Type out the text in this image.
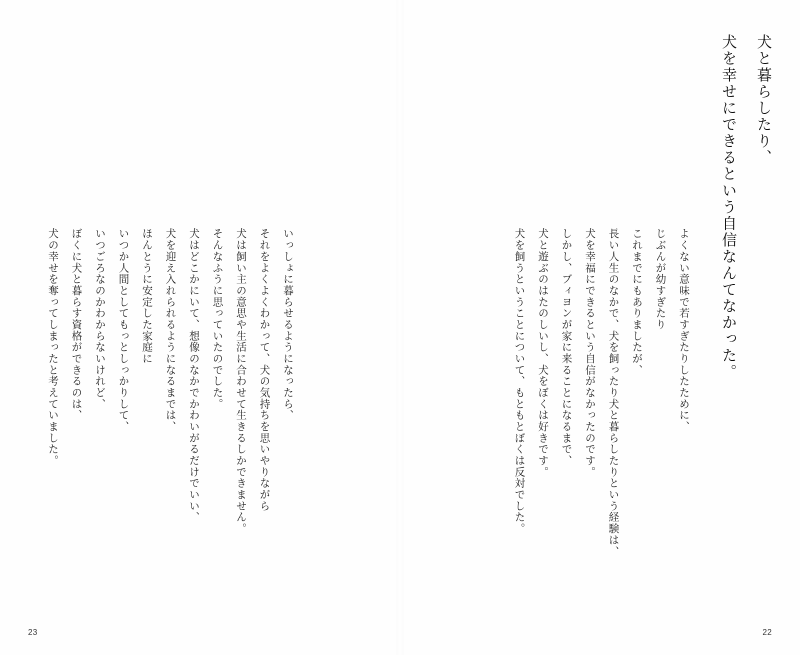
犬を幸せにできるという自信なんてなかった。 犬と暮らしたり、
犬を飼うということについて、もともとぼくは反対でした。 犬と遊ぶのはたのしいし、犬をぼくは好きです。 しかし、ブィヨンが家に来ることになるまで、 犬を幸福にできるという自信がなかったのです。 長い人生のなかで、犬を飼ったり犬と暮らしたりという経験は、 これまでにもありましたが、 じぶんが幼すぎたり よくない意味で若すぎたりしたために、
22
犬の幸せを奪ってしまったと考えていました。 ぼくに犬と暮らす資格ができるのは、 いつごろなのかわからないけれど、 いつか人間としてもっとしっかりして、 ほんとうに安定した家庭に 犬を迎え入れられるようになるまでは、 犬はどこかにいて、想像のなかでかわいがるだけでいい、 そんなふうに思っていたのでした。 犬は飼い主の意思や生活に合わせて生きるしかできません。 それをよくよくわかって、犬の気持ちを思いやりながら いっしょに暮らせるようになったら、
23
